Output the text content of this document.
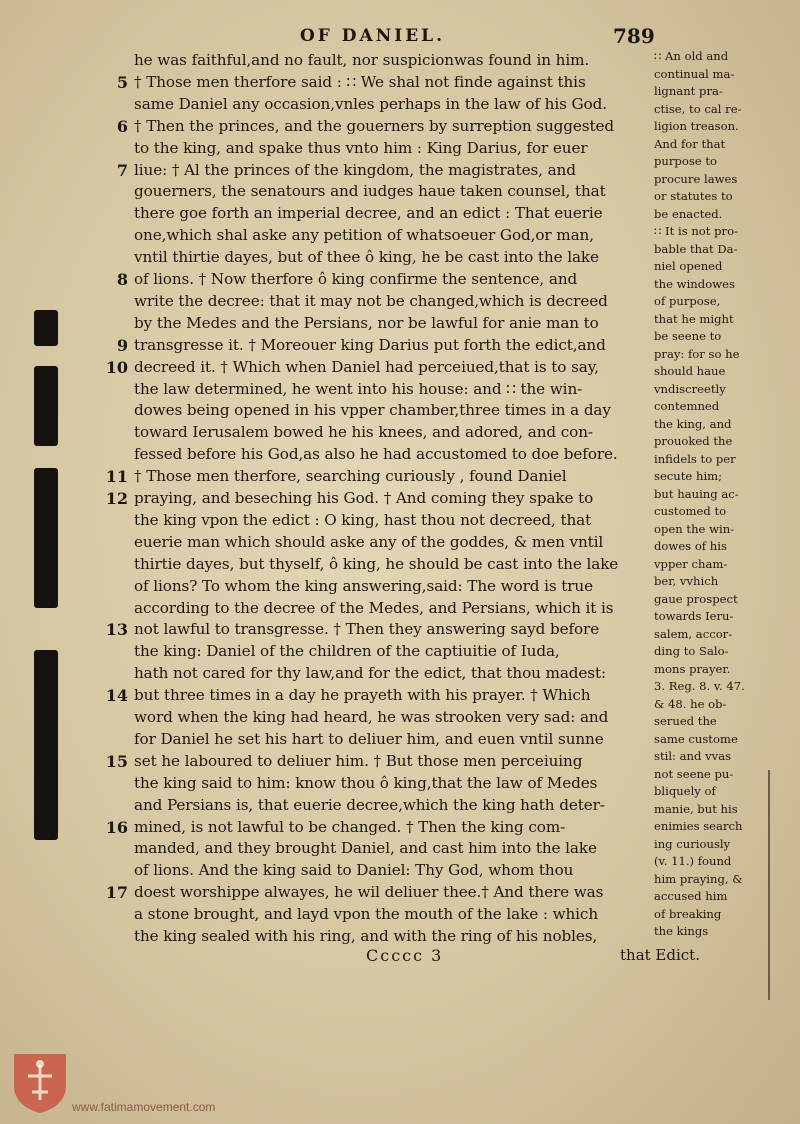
OF DANIEL.	789
he was faithful,and no fault, nor suspicionwas found in him.
5 † Those men therfore said : ∷ We shal not finde against this
same Daniel any occasion,vnles perhaps in the law of his God.
6 † Then the princes, and the gouerners by surreption suggested
to the king, and spake thus vnto him : King Darius, for euer
7 liue: † Al the princes of the kingdom, the magistrates, and
gouerners, the senatours and iudges haue taken counsel, that
there goe forth an imperial decree, and an edict : That euerie
one,which shal aske any petition of whatsoeuer God,or man,
vntil thirtie dayes, but of thee ô king, he be cast into the lake
8 of lions. † Now therfore ô king confirme the sentence, and
write the decree: that it may not be changed,which is decreed
by the Medes and the Persians, nor be lawful for anie man to
9 transgresse it. † Moreouer king Darius put forth the edict,and
10 decreed it. † Which when Daniel had perceiued,that is to say,
the law determined, he went into his house: and ∷ the win-
dowes being opened in his vpper chamber,three times in a day
toward Ierusalem bowed he his knees, and adored, and con-
fessed before his God,as also he had accustomed to doe before.
11 † Those men therfore, searching curiously , found Daniel
12 praying, and beseching his God. † And coming they spake to
the king vpon the edict : O king, hast thou not decreed, that
euerie man which should aske any of the goddes, & men vntil
thirtie dayes, but thyself, ô king, he should be cast into the lake
of lions? To whom the king answering,said: The word is true
according to the decree of the Medes, and Persians, which it is
13 not lawful to transgresse. † Then they answering sayd before
the king: Daniel of the children of the captiuitie of Iuda,
hath not cared for thy law,and for the edict, that thou madest:
14 but three times in a day he prayeth with his prayer. † Which
word when the king had heard, he was strooken very sad: and
for Daniel he set his hart to deliuer him, and euen vntil sunne
15 set he laboured to deliuer him. † But those men perceiuing
the king said to him: know thou ô king,that the law of Medes
and Persians is, that euerie decree,which the king hath deter-
16 mined, is not lawful to be changed. † Then the king com-
manded, and they brought Daniel, and cast him into the lake
of lions. And the king said to Daniel: Thy God, whom thou
17 doest worshippe alwayes, he wil deliuer thee.† And there was
a stone brought, and layd vpon the mouth of the lake : which
the king sealed with his ring, and with the ring of his nobles,
∷ An old and
continual ma-
lignant pra-
ctise, to cal re-
ligion treason.
And for that
purpose to
procure lawes
or statutes to
be enacted.
∷ It is not pro-
bable that Da-
niel opened
the windowes
of purpose,
that he might
be seene to
pray: for so he
should haue
vndiscreetly
contemned
the king, and
prouoked the
infidels to per
secute him;
but hauing ac-
customed to
open the win-
dowes of his
vpper cham-
ber, vvhich
gaue prospect
towards Ieru-
salem, accor-
ding to Salo-
mons prayer.
3. Reg. 8. v. 47.
& 48. he ob-
serued the
same custome
stil: and vvas
not seene pu-
bliquely of
manie, but his
enimies search
ing curiously
(v. 11.) found
him praying, &
accused him
of breaking
the kings
Ccccc 3	that Edict.
www.fatimamovement.com
